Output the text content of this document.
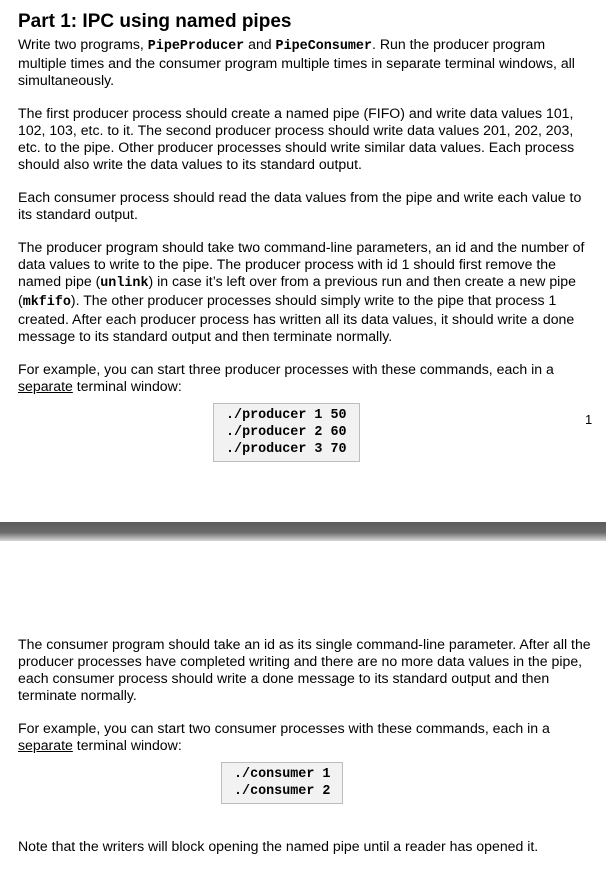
Part 1: IPC using named pipes

Write two programs, PipeProducer and PipeConsumer. Run the producer program multiple times and the consumer program multiple times in separate terminal windows, all simultaneously.

The first producer process should create a named pipe (FIFO) and write data values 101, 102, 103, etc. to it. The second producer process should write data values 201, 202, 203, etc. to the pipe. Other producer processes should write similar data values. Each process should also write the data values to its standard output.

Each consumer process should read the data values from the pipe and write each value to its standard output.

The producer program should take two command-line parameters, an id and the number of data values to write to the pipe. The producer process with id 1 should first remove the named pipe (unlink) in case it’s left over from a previous run and then create a new pipe (mkfifo). The other producer processes should simply write to the pipe that process 1 created. After each producer process has written all its data values, it should write a done message to its standard output and then terminate normally.

For example, you can start three producer processes with these commands, each in a separate terminal window:

./producer 1 50
./producer 2 60
./producer 3 70
1

The consumer program should take an id as its single command-line parameter. After all the producer processes have completed writing and there are no more data values in the pipe, each consumer process should write a done message to its standard output and then terminate normally.

For example, you can start two consumer processes with these commands, each in a separate terminal window:

./consumer 1
./consumer 2

Note that the writers will block opening the named pipe until a reader has opened it.
